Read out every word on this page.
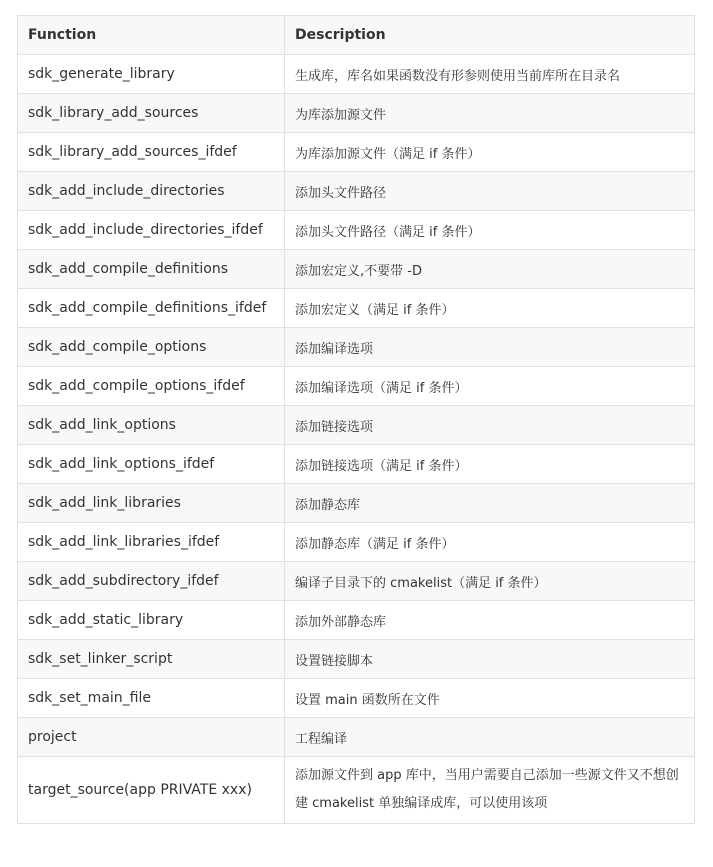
Function	Description
sdk_generate_library	生成库，库名如果函数没有形参则使用当前库所在目录名
sdk_library_add_sources	为库添加源文件
sdk_library_add_sources_ifdef	为库添加源文件（满足 if 条件）
sdk_add_include_directories	添加头文件路径
sdk_add_include_directories_ifdef	添加头文件路径（满足 if 条件）
sdk_add_compile_definitions	添加宏定义,不要带 -D
sdk_add_compile_definitions_ifdef	添加宏定义（满足 if 条件）
sdk_add_compile_options	添加编译选项
sdk_add_compile_options_ifdef	添加编译选项（满足 if 条件）
sdk_add_link_options	添加链接选项
sdk_add_link_options_ifdef	添加链接选项（满足 if 条件）
sdk_add_link_libraries	添加静态库
sdk_add_link_libraries_ifdef	添加静态库（满足 if 条件）
sdk_add_subdirectory_ifdef	编译子目录下的 cmakelist（满足 if 条件）
sdk_add_static_library	添加外部静态库
sdk_set_linker_script	设置链接脚本
sdk_set_main_file	设置 main 函数所在文件
project	工程编译
target_source(app PRIVATE xxx)	添加源文件到 app 库中，当用户需要自己添加一些源文件又不想创建 cmakelist 单独编译成库，可以使用该项
